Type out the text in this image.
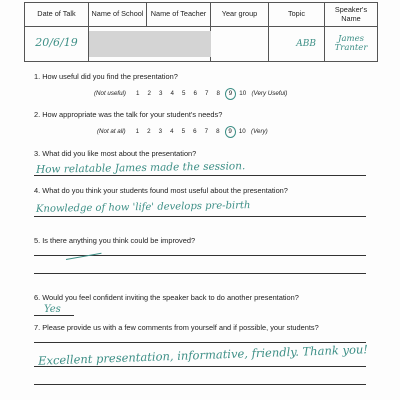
Date of Talk	Name of School	Name of Teacher	Year group	Topic	Speaker's Name
20/6/19				ABB	James Tranter
1. How useful did you find the presentation?
(Not useful) 1 2 3 4 5 6 7 8 9 10 (Very Useful)
2. How appropriate was the talk for your student's needs?
(Not at all) 1 2 3 4 5 6 7 8 9 10 (Very)
3. What did you like most about the presentation?
How relatable James made the session.
4. What do you think your students found most useful about the presentation?
Knowledge of how 'life' develops pre-birth
5. Is there anything you think could be improved?
6. Would you feel confident inviting the speaker back to do another presentation?
Yes
7. Please provide us with a few comments from yourself and if possible, your students?
Excellent presentation, informative, friendly. Thank you!
